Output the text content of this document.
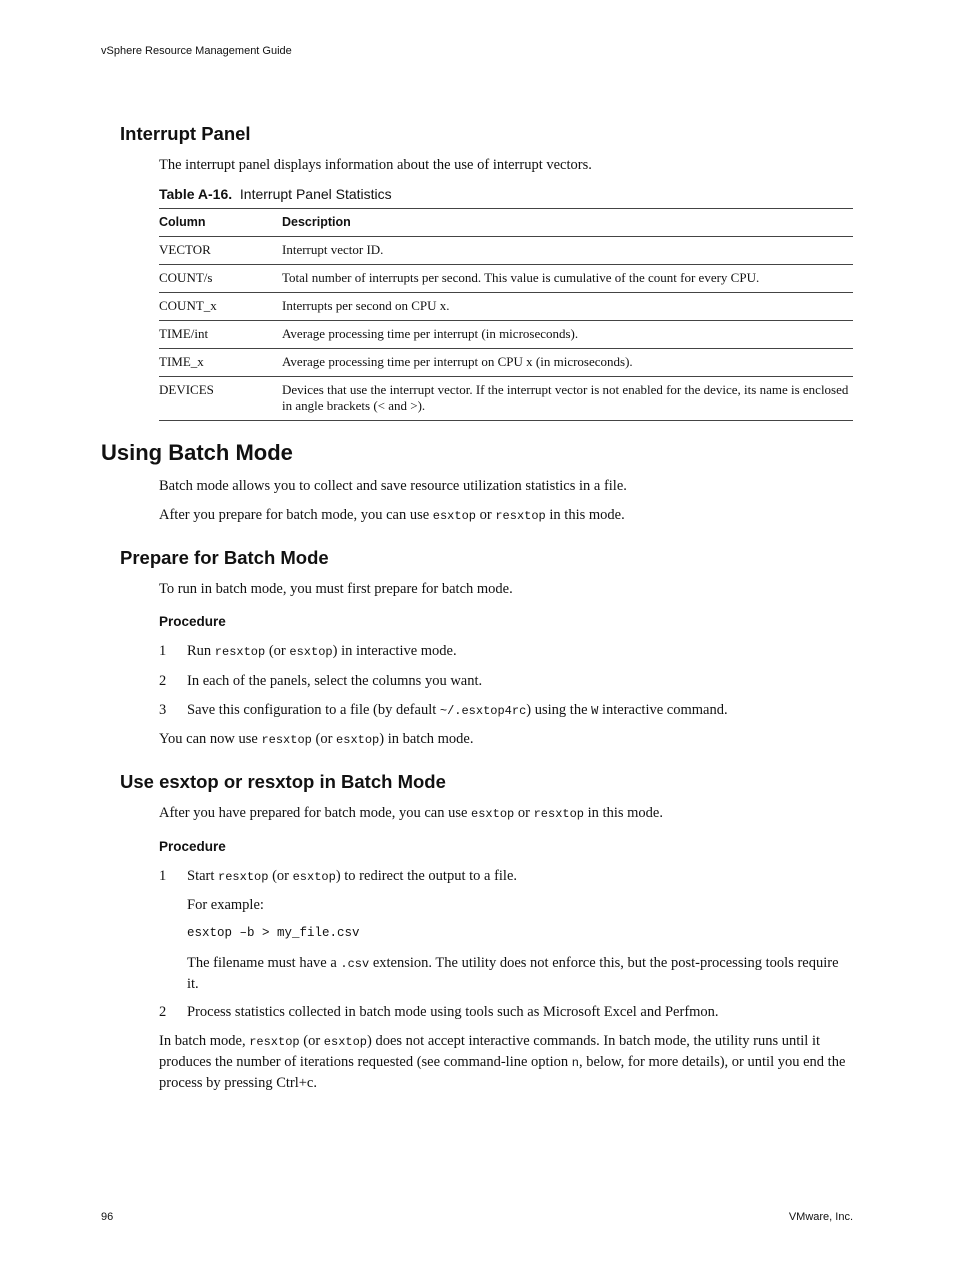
vSphere Resource Management Guide
Interrupt Panel
The interrupt panel displays information about the use of interrupt vectors.
Table A-16. Interrupt Panel Statistics
Column	Description
VECTOR	Interrupt vector ID.
COUNT/s	Total number of interrupts per second. This value is cumulative of the count for every CPU.
COUNT_x	Interrupts per second on CPU x.
TIME/int	Average processing time per interrupt (in microseconds).
TIME_x	Average processing time per interrupt on CPU x (in microseconds).
DEVICES	Devices that use the interrupt vector. If the interrupt vector is not enabled for the device, its name is enclosed in angle brackets (< and >).
Using Batch Mode
Batch mode allows you to collect and save resource utilization statistics in a file.
After you prepare for batch mode, you can use esxtop or resxtop in this mode.
Prepare for Batch Mode
To run in batch mode, you must first prepare for batch mode.
Procedure
1 Run resxtop (or esxtop) in interactive mode.
2 In each of the panels, select the columns you want.
3 Save this configuration to a file (by default ~/.esxtop4rc) using the W interactive command.
You can now use resxtop (or esxtop) in batch mode.
Use esxtop or resxtop in Batch Mode
After you have prepared for batch mode, you can use esxtop or resxtop in this mode.
Procedure
1 Start resxtop (or esxtop) to redirect the output to a file.
For example:
esxtop –b > my_file.csv
The filename must have a .csv extension. The utility does not enforce this, but the post-processing tools require it.
2 Process statistics collected in batch mode using tools such as Microsoft Excel and Perfmon.
In batch mode, resxtop (or esxtop) does not accept interactive commands. In batch mode, the utility runs until it produces the number of iterations requested (see command-line option n, below, for more details), or until you end the process by pressing Ctrl+c.
96	VMware, Inc.
